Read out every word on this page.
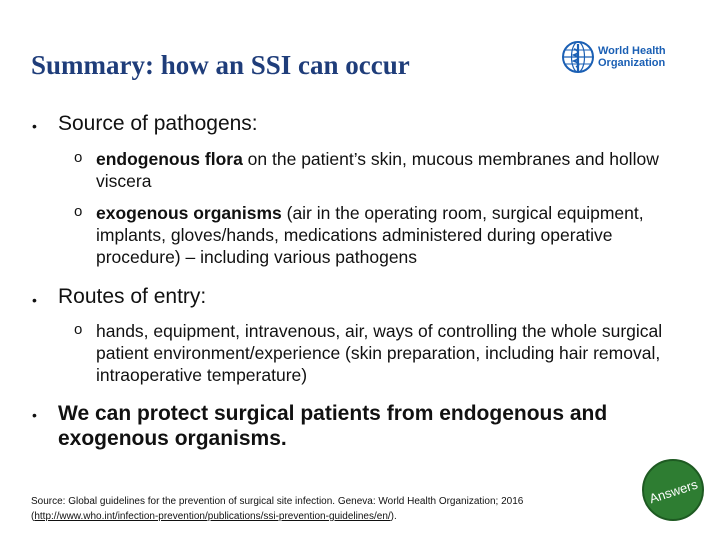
Summary: how an SSI can occur	World Health
Organization
• Source of pathogens:
o endogenous flora on the patient’s skin, mucous membranes and hollow viscera
o exogenous organisms (air in the operating room, surgical equipment, implants, gloves/hands, medications administered during operative procedure) – including various pathogens
• Routes of entry:
o hands, equipment, intravenous, air, ways of controlling the whole surgical patient environment/experience (skin preparation, including hair removal, intraoperative temperature)
• We can protect surgical patients from endogenous and exogenous organisms.
Source: Global guidelines for the prevention of surgical site infection. Geneva: World Health Organization; 2016
(http://www.who.int/infection-prevention/publications/ssi-prevention-guidelines/en/).
Answers
